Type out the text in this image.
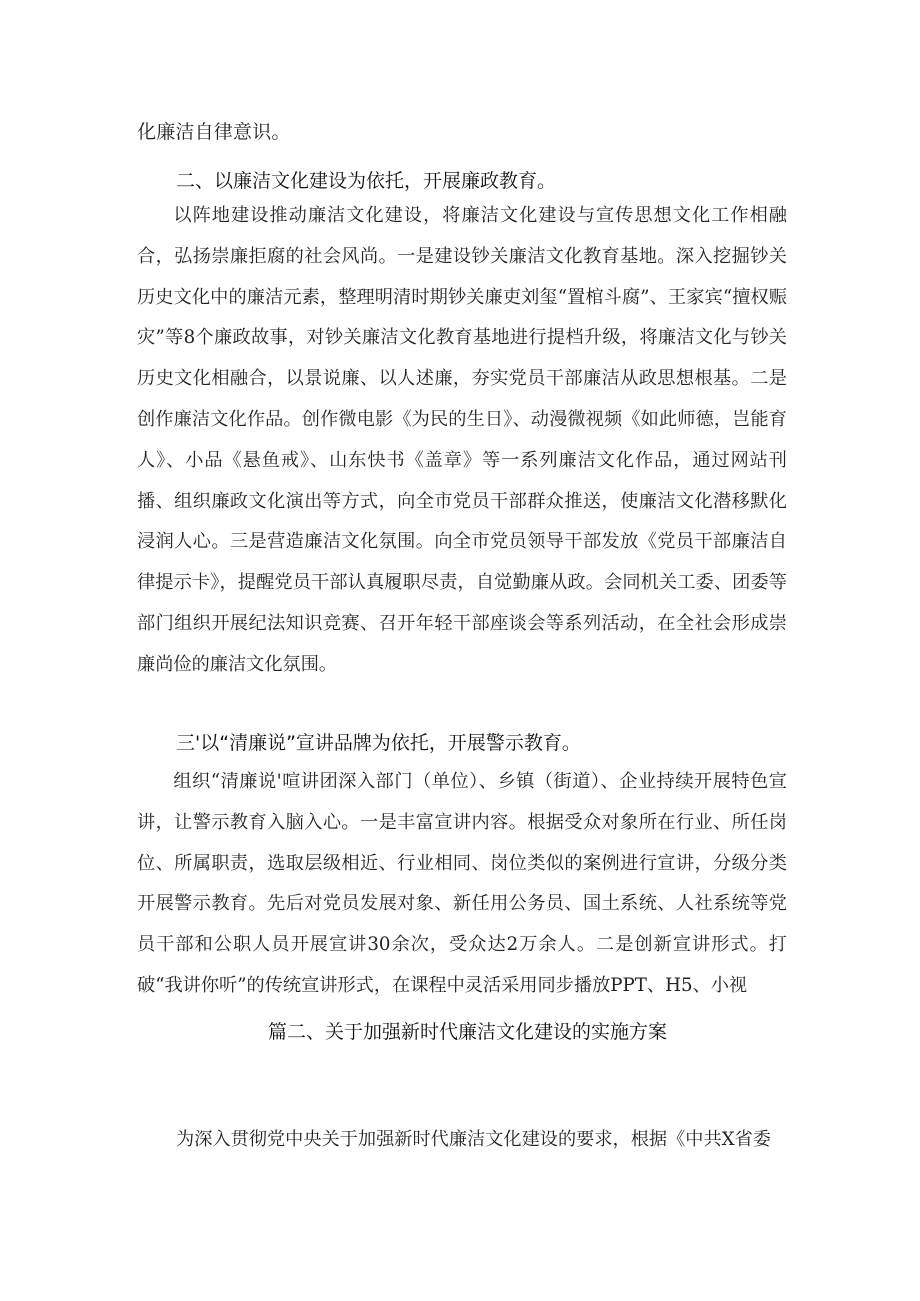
化廉洁自律意识。
二、以廉洁文化建设为依托，开展廉政教育。

以阵地建设推动廉洁文化建设，将廉洁文化建设与宣传思想文化工作相融合，弘扬崇廉拒腐的社会风尚。一是建设钞关廉洁文化教育基地。深入挖掘钞关历史文化中的廉洁元素，整理明清时期钞关廉吏刘玺“置棺斗腐”、王家宾“擅权赈灾”等8个廉政故事，对钞关廉洁文化教育基地进行提档升级，将廉洁文化与钞关历史文化相融合，以景说廉、以人述廉，夯实党员干部廉洁从政思想根基。二是创作廉洁文化作品。创作微电影《为民的生日》、动漫微视频《如此师德，岂能育人》、小品《悬鱼戒》、山东快书《盖章》等一系列廉洁文化作品，通过网站刊播、组织廉政文化演出等方式，向全市党员干部群众推送，使廉洁文化潜移默化浸润人心。三是营造廉洁文化氛围。向全市党员领导干部发放《党员干部廉洁自律提示卡》，提醒党员干部认真履职尽责，自觉勤廉从政。会同机关工委、团委等部门组织开展纪法知识竞赛、召开年轻干部座谈会等系列活动，在全社会形成崇廉尚俭的廉洁文化氛围。

三'以“清廉说”宣讲品牌为依托，开展警示教育。

组织“清廉说'喧讲团深入部门（单位）、乡镇（街道）、企业持续开展特色宣讲，让警示教育入脑入心。一是丰富宣讲内容。根据受众对象所在行业、所任岗位、所属职责，选取层级相近、行业相同、岗位类似的案例进行宣讲，分级分类开展警示教育。先后对党员发展对象、新任用公务员、国土系统、人社系统等党员干部和公职人员开展宣讲30余次，受众达2万余人。二是创新宣讲形式。打破“我讲你听”的传统宣讲形式，在课程中灵活采用同步播放PPT、H5、小视

篇二、关于加强新时代廉洁文化建设的实施方案

为深入贯彻党中央关于加强新时代廉洁文化建设的要求，根据《中共X省委
